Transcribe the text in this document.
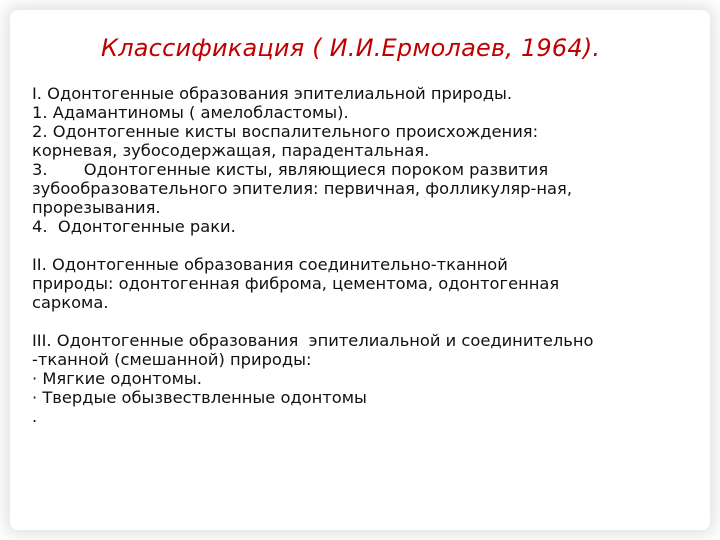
Классификация ( И.И.Ермолаев, 1964).
I. Одонтогенные образования эпителиальной природы.
1. Адамантиномы ( амелобластомы).
2. Одонтогенные кисты воспалительного происхождения:
корневая, зубосодержащая, парадентальная.
3.       Одонтогенные кисты, являющиеся пороком развития
зубообразовательного эпителия: первичная, фолликуляр-ная,
прорезывания.
4.  Одонтогенные раки.
II. Одонтогенные образования соединительно-тканной
природы: одонтогенная фиброма, цементома, одонтогенная
саркома.
III. Одонтогенные образования  эпителиальной и соединительно
-тканной (смешанной) природы:
· Мягкие одонтомы.
· Твердые обызвествленные одонтомы
.
